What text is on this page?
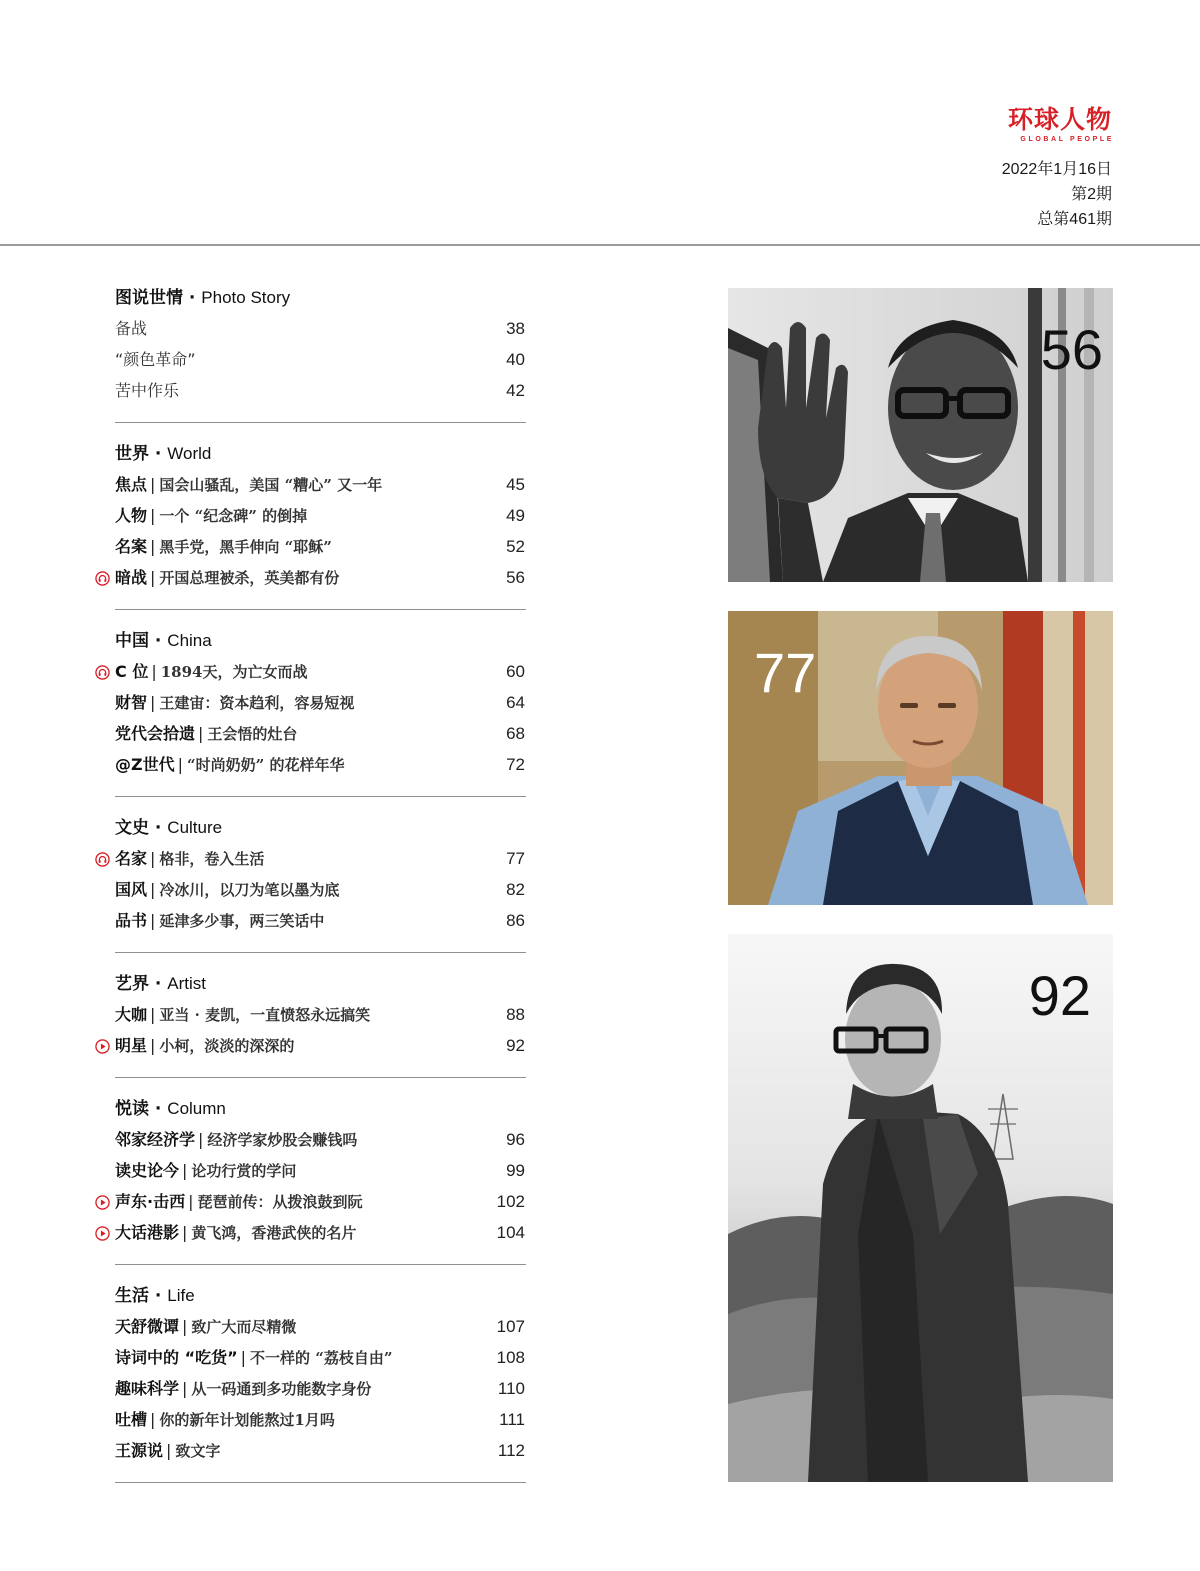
环球人物
GLOBAL PEOPLE
2022年1月16日
第2期
总第461期
图说世情 · Photo Story
备战	38
“颜色革命”	40
苦中作乐	42
世界 · World
焦点 | 国会山骚乱，美国 “糟心” 又一年	45
人物 | 一个 “纪念碑” 的倒掉	49
名案 | 黑手党，黑手伸向 “耶稣”	52
暗战 | 开国总理被杀，英美都有份	56
中国 · China
C 位 | 1894天，为亡女而战	60
财智 | 王建宙：资本趋利，容易短视	64
党代会拾遗 | 王会悟的灶台	68
@Z世代 | “时尚奶奶” 的花样年华	72
文史 · Culture
名家 | 格非，卷入生活	77
国风 | 冷冰川，以刀为笔以墨为底	82
品书 | 延津多少事，两三笑话中	86
艺界 · Artist
大咖 | 亚当 · 麦凯，一直愤怒永远搞笑	88
明星 | 小柯，淡淡的深深的	92
悦读 · Column
邻家经济学 | 经济学家炒股会赚钱吗	96
读史论今 | 论功行赏的学问	99
声东·击西 | 琵琶前传：从拨浪鼓到阮	102
大话港影 | 黄飞鸿，香港武侠的名片	104
生活 · Life
天舒微谭 | 致广大而尽精微	107
诗词中的 “吃货” | 不一样的 “荔枝自由”	108
趣味科学 | 从一码通到多功能数字身份	110
吐槽 | 你的新年计划能熬过1月吗	111
王源说 | 致文字	112
56
77
92
